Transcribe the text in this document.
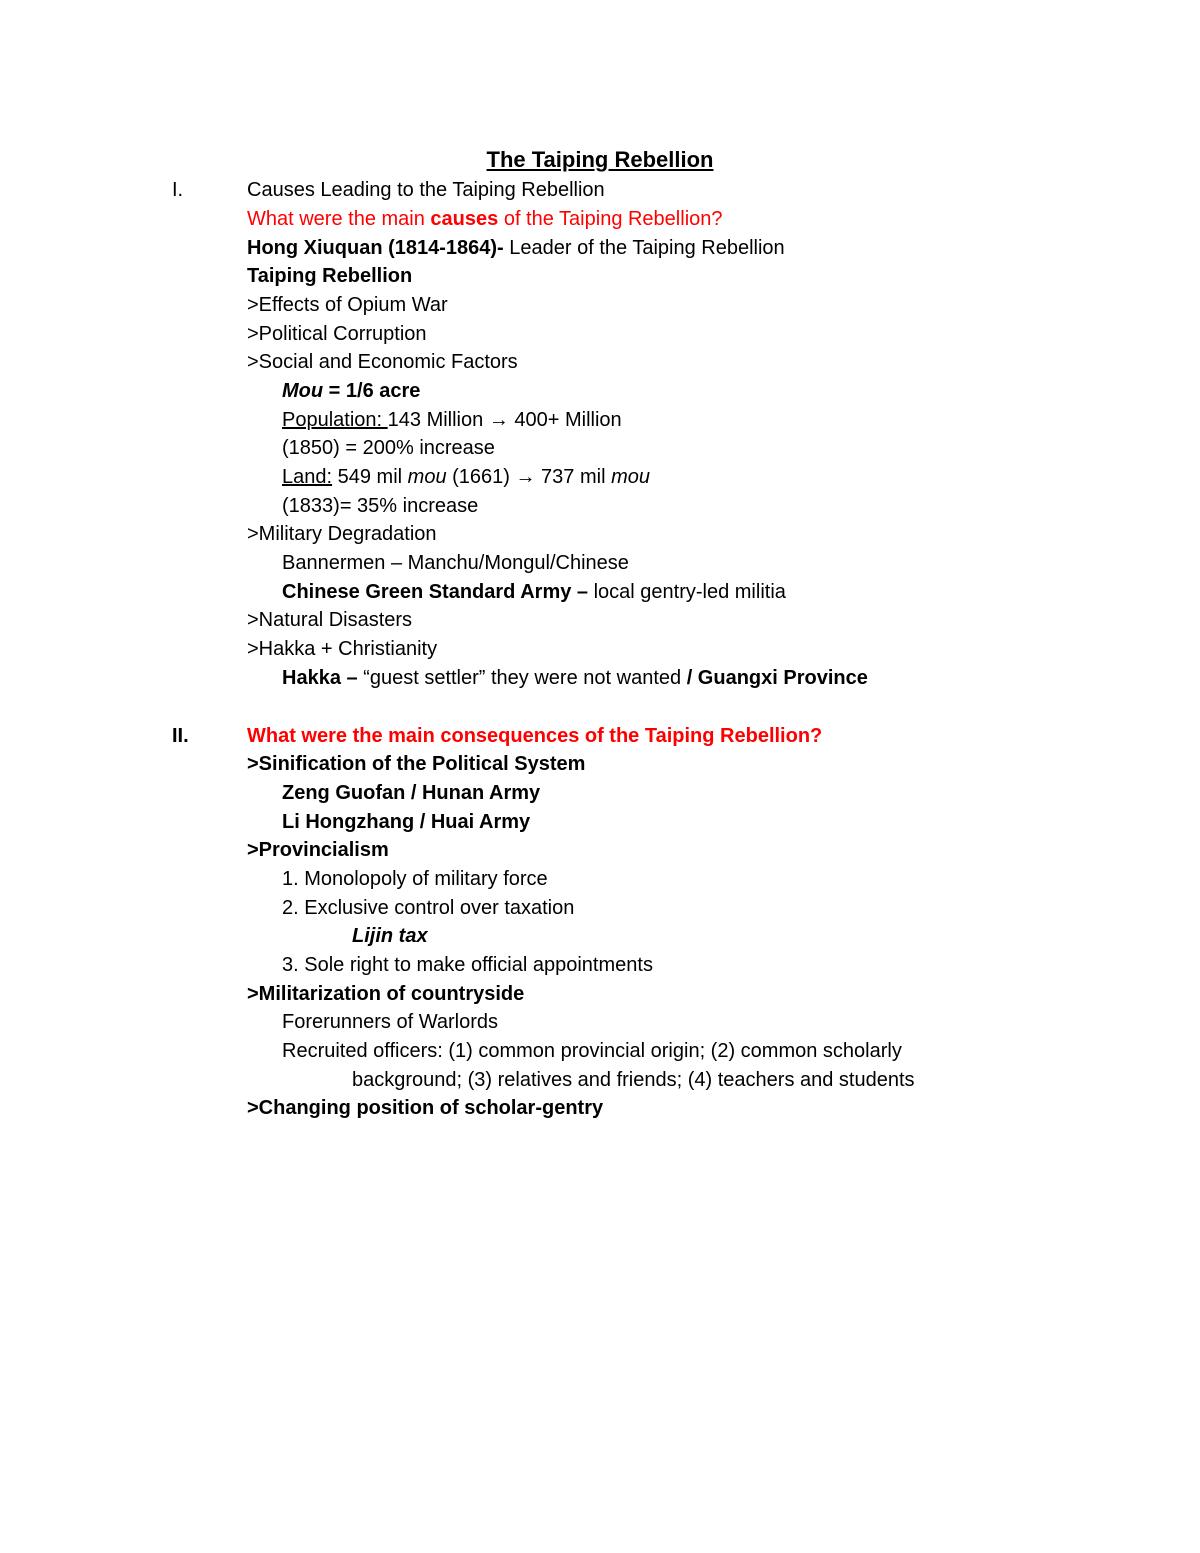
The Taiping Rebellion
I.	Causes Leading to the Taiping Rebellion
What were the main causes of the Taiping Rebellion?
Hong Xiuquan (1814-1864)- Leader of the Taiping Rebellion
Taiping Rebellion
>Effects of Opium War
>Political Corruption
>Social and Economic Factors
Mou = 1/6 acre
Population: 143 Million → 400+ Million
(1850) = 200% increase
Land: 549 mil mou (1661) → 737 mil mou
(1833)= 35% increase
>Military Degradation
Bannermen – Manchu/Mongul/Chinese
Chinese Green Standard Army – local gentry-led militia
>Natural Disasters
>Hakka + Christianity
Hakka – “guest settler” they were not wanted / Guangxi Province
II.	What were the main consequences of the Taiping Rebellion?
>Sinification of the Political System
Zeng Guofan / Hunan Army
Li Hongzhang / Huai Army
>Provincialism
1. Monolopoly of military force
2. Exclusive control over taxation
Lijin tax
3. Sole right to make official appointments
>Militarization of countryside
Forerunners of Warlords
Recruited officers: (1) common provincial origin; (2) common scholarly
background; (3) relatives and friends; (4) teachers and students
>Changing position of scholar-gentry
